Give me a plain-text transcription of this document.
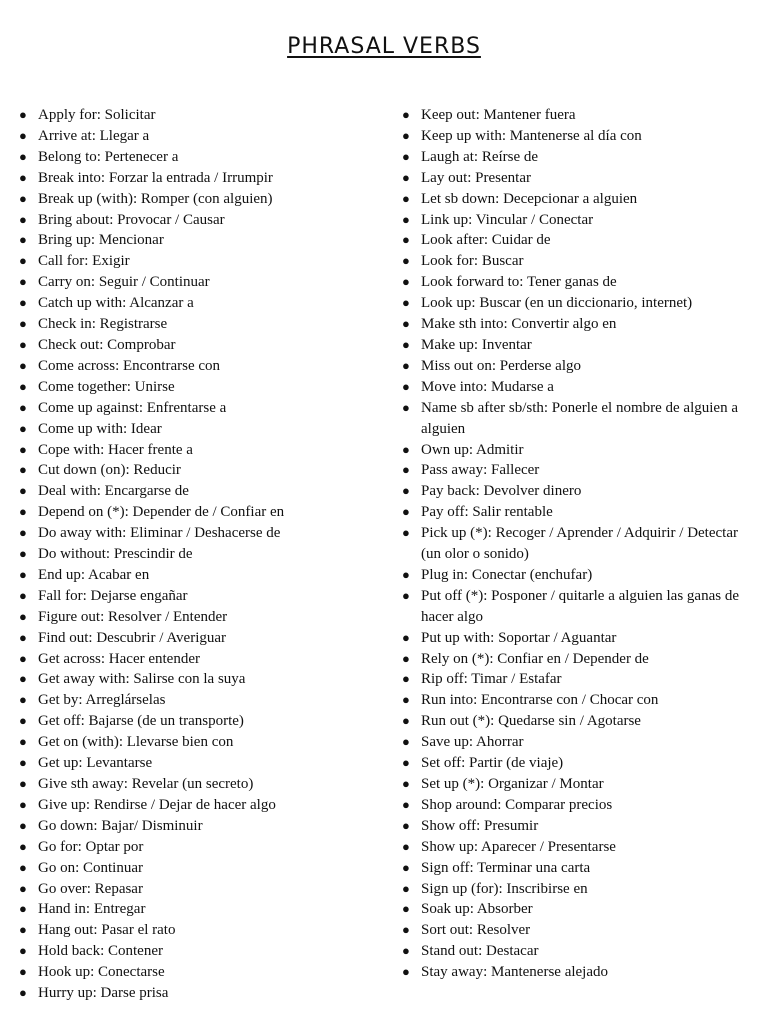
PHRASAL VERBS
● Apply for: Solicitar
● Arrive at: Llegar a
● Belong to: Pertenecer a
● Break into: Forzar la entrada / Irrumpir
● Break up (with): Romper (con alguien)
● Bring about: Provocar / Causar
● Bring up: Mencionar
● Call for: Exigir
● Carry on: Seguir / Continuar
● Catch up with: Alcanzar a
● Check in: Registrarse
● Check out: Comprobar
● Come across: Encontrarse con
● Come together: Unirse
● Come up against: Enfrentarse a
● Come up with: Idear
● Cope with: Hacer frente a
● Cut down (on): Reducir
● Deal with: Encargarse de
● Depend on (*): Depender de / Confiar en
● Do away with: Eliminar / Deshacerse de
● Do without: Prescindir de
● End up: Acabar en
● Fall for: Dejarse engañar
● Figure out: Resolver / Entender
● Find out: Descubrir / Averiguar
● Get across: Hacer entender
● Get away with: Salirse con la suya
● Get by: Arreglárselas
● Get off: Bajarse (de un transporte)
● Get on (with): Llevarse bien con
● Get up: Levantarse
● Give sth away: Revelar (un secreto)
● Give up: Rendirse / Dejar de hacer algo
● Go down: Bajar/ Disminuir
● Go for: Optar por
● Go on: Continuar
● Go over: Repasar
● Hand in: Entregar
● Hang out: Pasar el rato
● Hold back: Contener
● Hook up: Conectarse
● Hurry up: Darse prisa
● Keep out: Mantener fuera
● Keep up with: Mantenerse al día con
● Laugh at: Reírse de
● Lay out: Presentar
● Let sb down: Decepcionar a alguien
● Link up: Vincular / Conectar
● Look after: Cuidar de
● Look for: Buscar
● Look forward to: Tener ganas de
● Look up: Buscar (en un diccionario, internet)
● Make sth into: Convertir algo en
● Make up: Inventar
● Miss out on: Perderse algo
● Move into: Mudarse a
● Name sb after sb/sth: Ponerle el nombre de alguien a alguien
● Own up: Admitir
● Pass away: Fallecer
● Pay back: Devolver dinero
● Pay off: Salir rentable
● Pick up (*): Recoger / Aprender / Adquirir / Detectar (un olor o sonido)
● Plug in: Conectar (enchufar)
● Put off (*): Posponer / quitarle a alguien las ganas de hacer algo
● Put up with: Soportar / Aguantar
● Rely on (*): Confiar en / Depender de
● Rip off: Timar / Estafar
● Run into: Encontrarse con / Chocar con
● Run out (*): Quedarse sin / Agotarse
● Save up: Ahorrar
● Set off: Partir (de viaje)
● Set up (*): Organizar / Montar
● Shop around: Comparar precios
● Show off: Presumir
● Show up: Aparecer / Presentarse
● Sign off: Terminar una carta
● Sign up (for): Inscribirse en
● Soak up: Absorber
● Sort out: Resolver
● Stand out: Destacar
● Stay away: Mantenerse alejado
